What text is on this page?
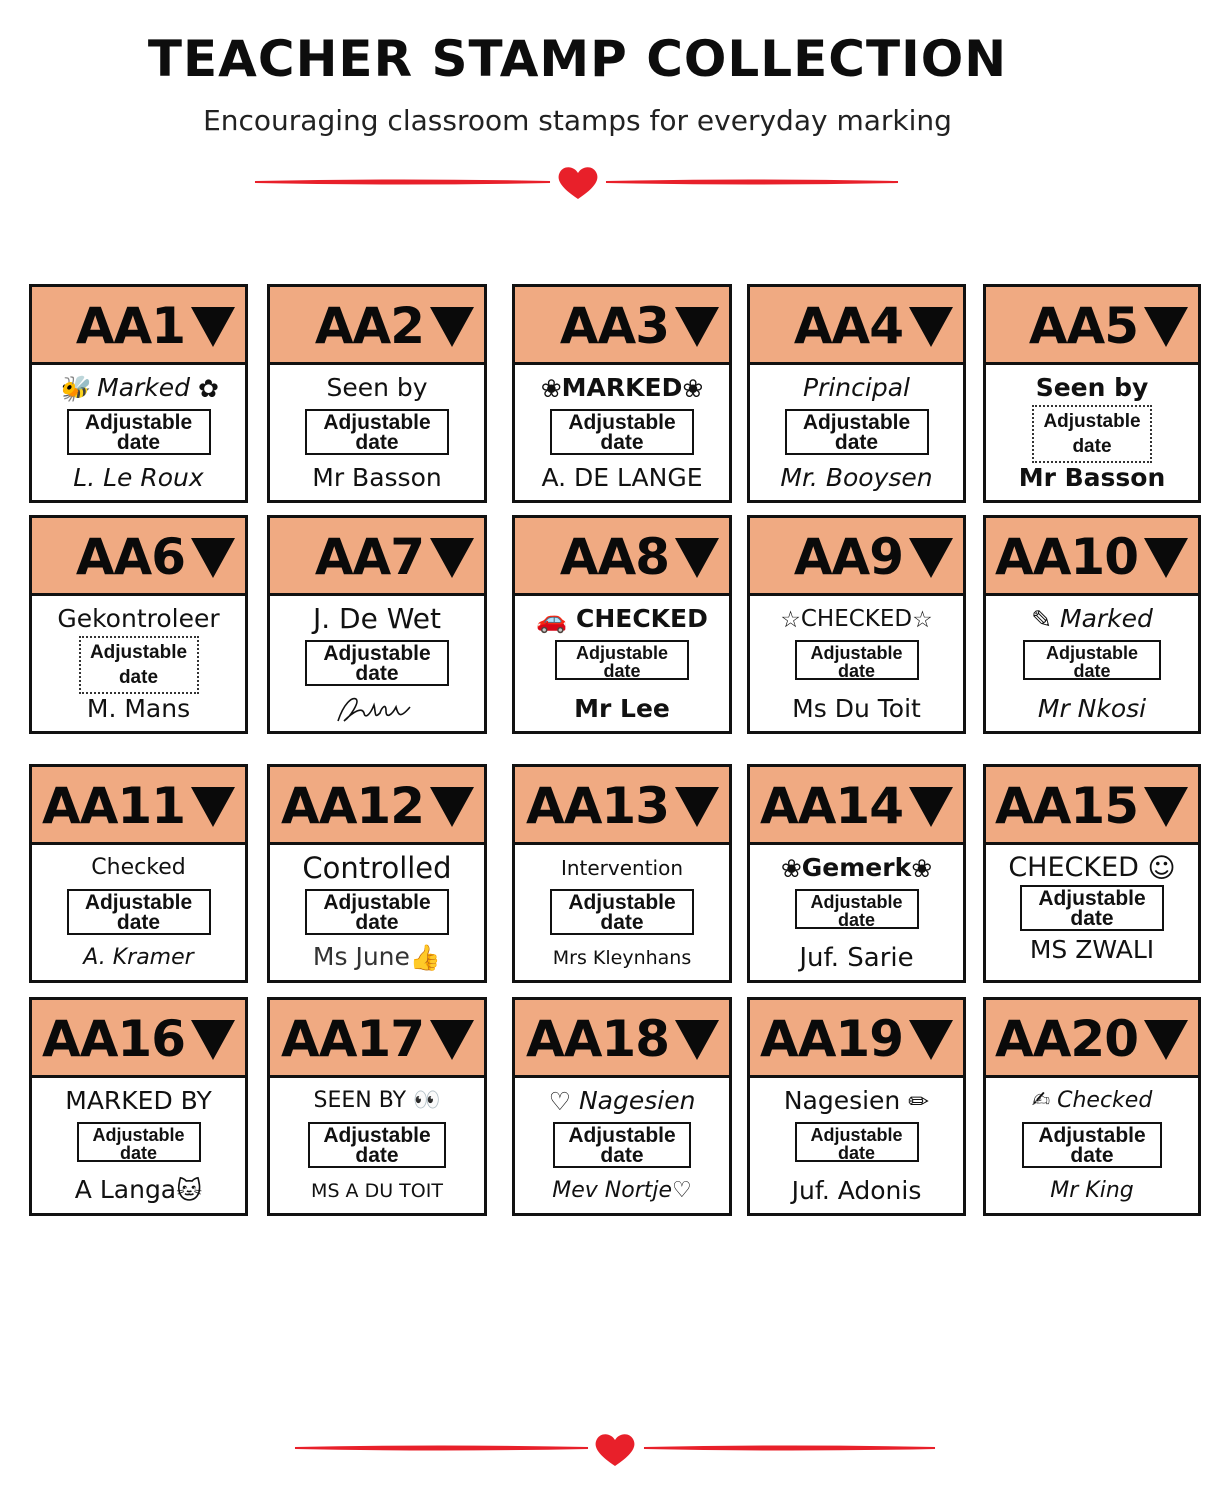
TEACHER STAMP COLLECTION
Encouraging classroom stamps for everyday marking
AA1
🐝 Marked ✿
Adjustable
date
L. Le Roux
AA2
Seen by
Adjustable
date
Mr Basson
AA3
❀MARKED❀
Adjustable
date
A. DE LANGE
AA4
Principal
Adjustable
date
Mr. Booysen
AA5
Seen by
Adjustable
date
Mr Basson
AA6
Gekontroleer
Adjustable
date
M. Mans
AA7
J. De Wet
Adjustable
date
AA8
🚗 CHECKED
Adjustable
date
Mr Lee
AA9
☆CHECKED☆
Adjustable
date
Ms Du Toit
AA10
✎ Marked
Adjustable
date
Mr Nkosi
AA11
Checked
Adjustable
date
A. Kramer
AA12
Controlled
Adjustable
date
Ms June👍
AA13
Intervention
Adjustable
date
Mrs Kleynhans
AA14
❀Gemerk❀
Adjustable
date
Juf. Sarie
AA15
CHECKED ☺
Adjustable
date
MS ZWALI
AA16
MARKED BY
Adjustable
date
A Langa🐱
AA17
SEEN BY 👀
Adjustable
date
MS A DU TOIT
AA18
♡ Nagesien
Adjustable
date
Mev Nortje♡
AA19
Nagesien ✏
Adjustable
date
Juf. Adonis
AA20
✍ Checked
Adjustable
date
Mr King
